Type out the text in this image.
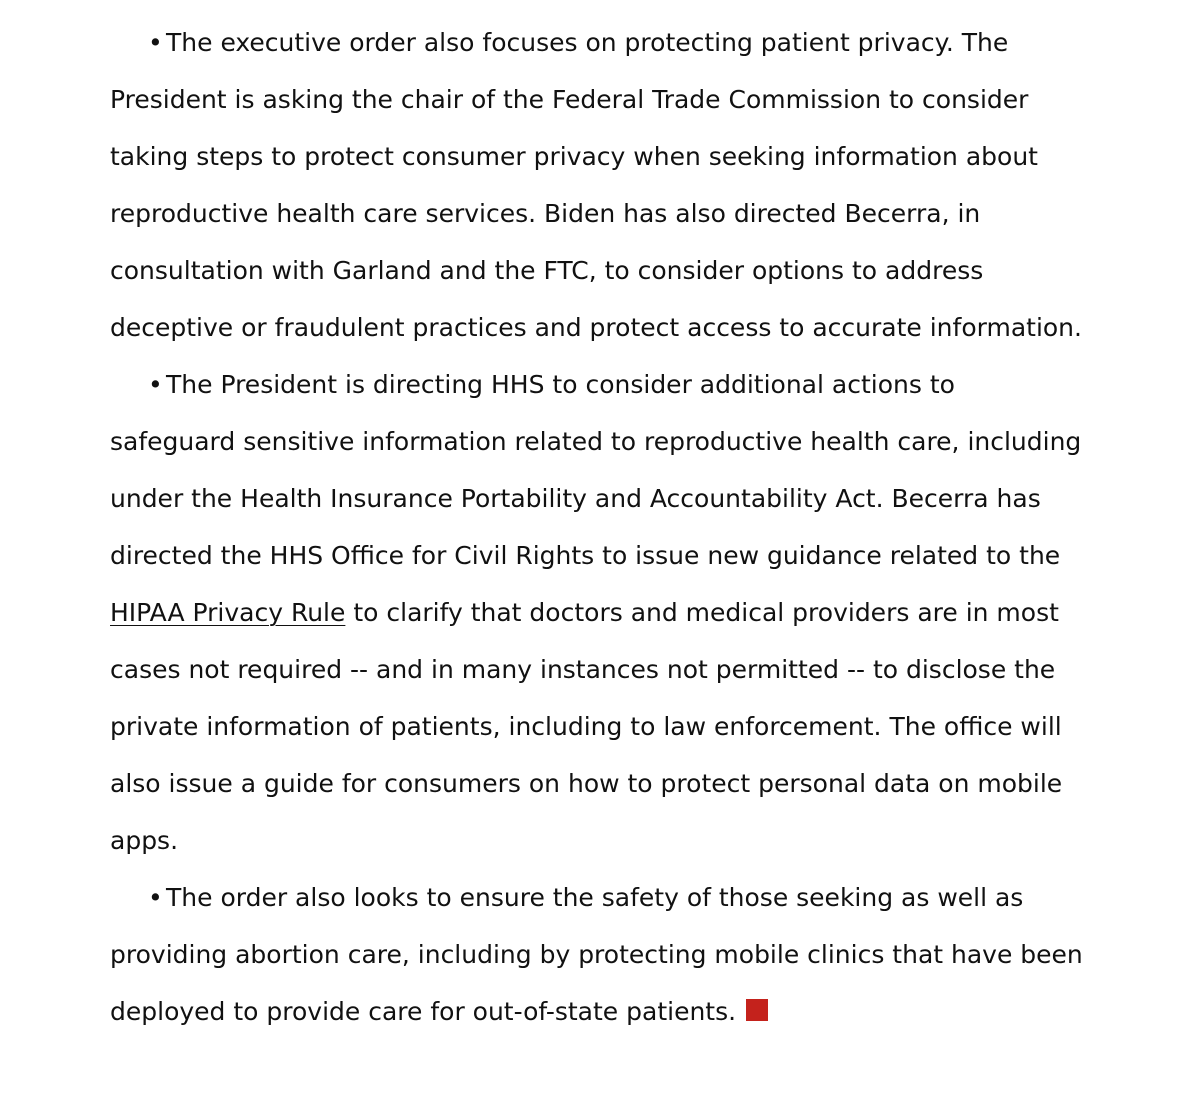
• The executive order also focuses on protecting patient privacy. The President is asking the chair of the Federal Trade Commission to consider taking steps to protect consumer privacy when seeking information about reproductive health care services. Biden has also directed Becerra, in consultation with Garland and the FTC, to consider options to address deceptive or fraudulent practices and protect access to accurate information.

• The President is directing HHS to consider additional actions to safeguard sensitive information related to reproductive health care, including under the Health Insurance Portability and Accountability Act. Becerra has directed the HHS Office for Civil Rights to issue new guidance related to the HIPAA Privacy Rule to clarify that doctors and medical providers are in most cases not required -- and in many instances not permitted -- to disclose the private information of patients, including to law enforcement. The office will also issue a guide for consumers on how to protect personal data on mobile apps.

• The order also looks to ensure the safety of those seeking as well as providing abortion care, including by protecting mobile clinics that have been deployed to provide care for out-of-state patients.
